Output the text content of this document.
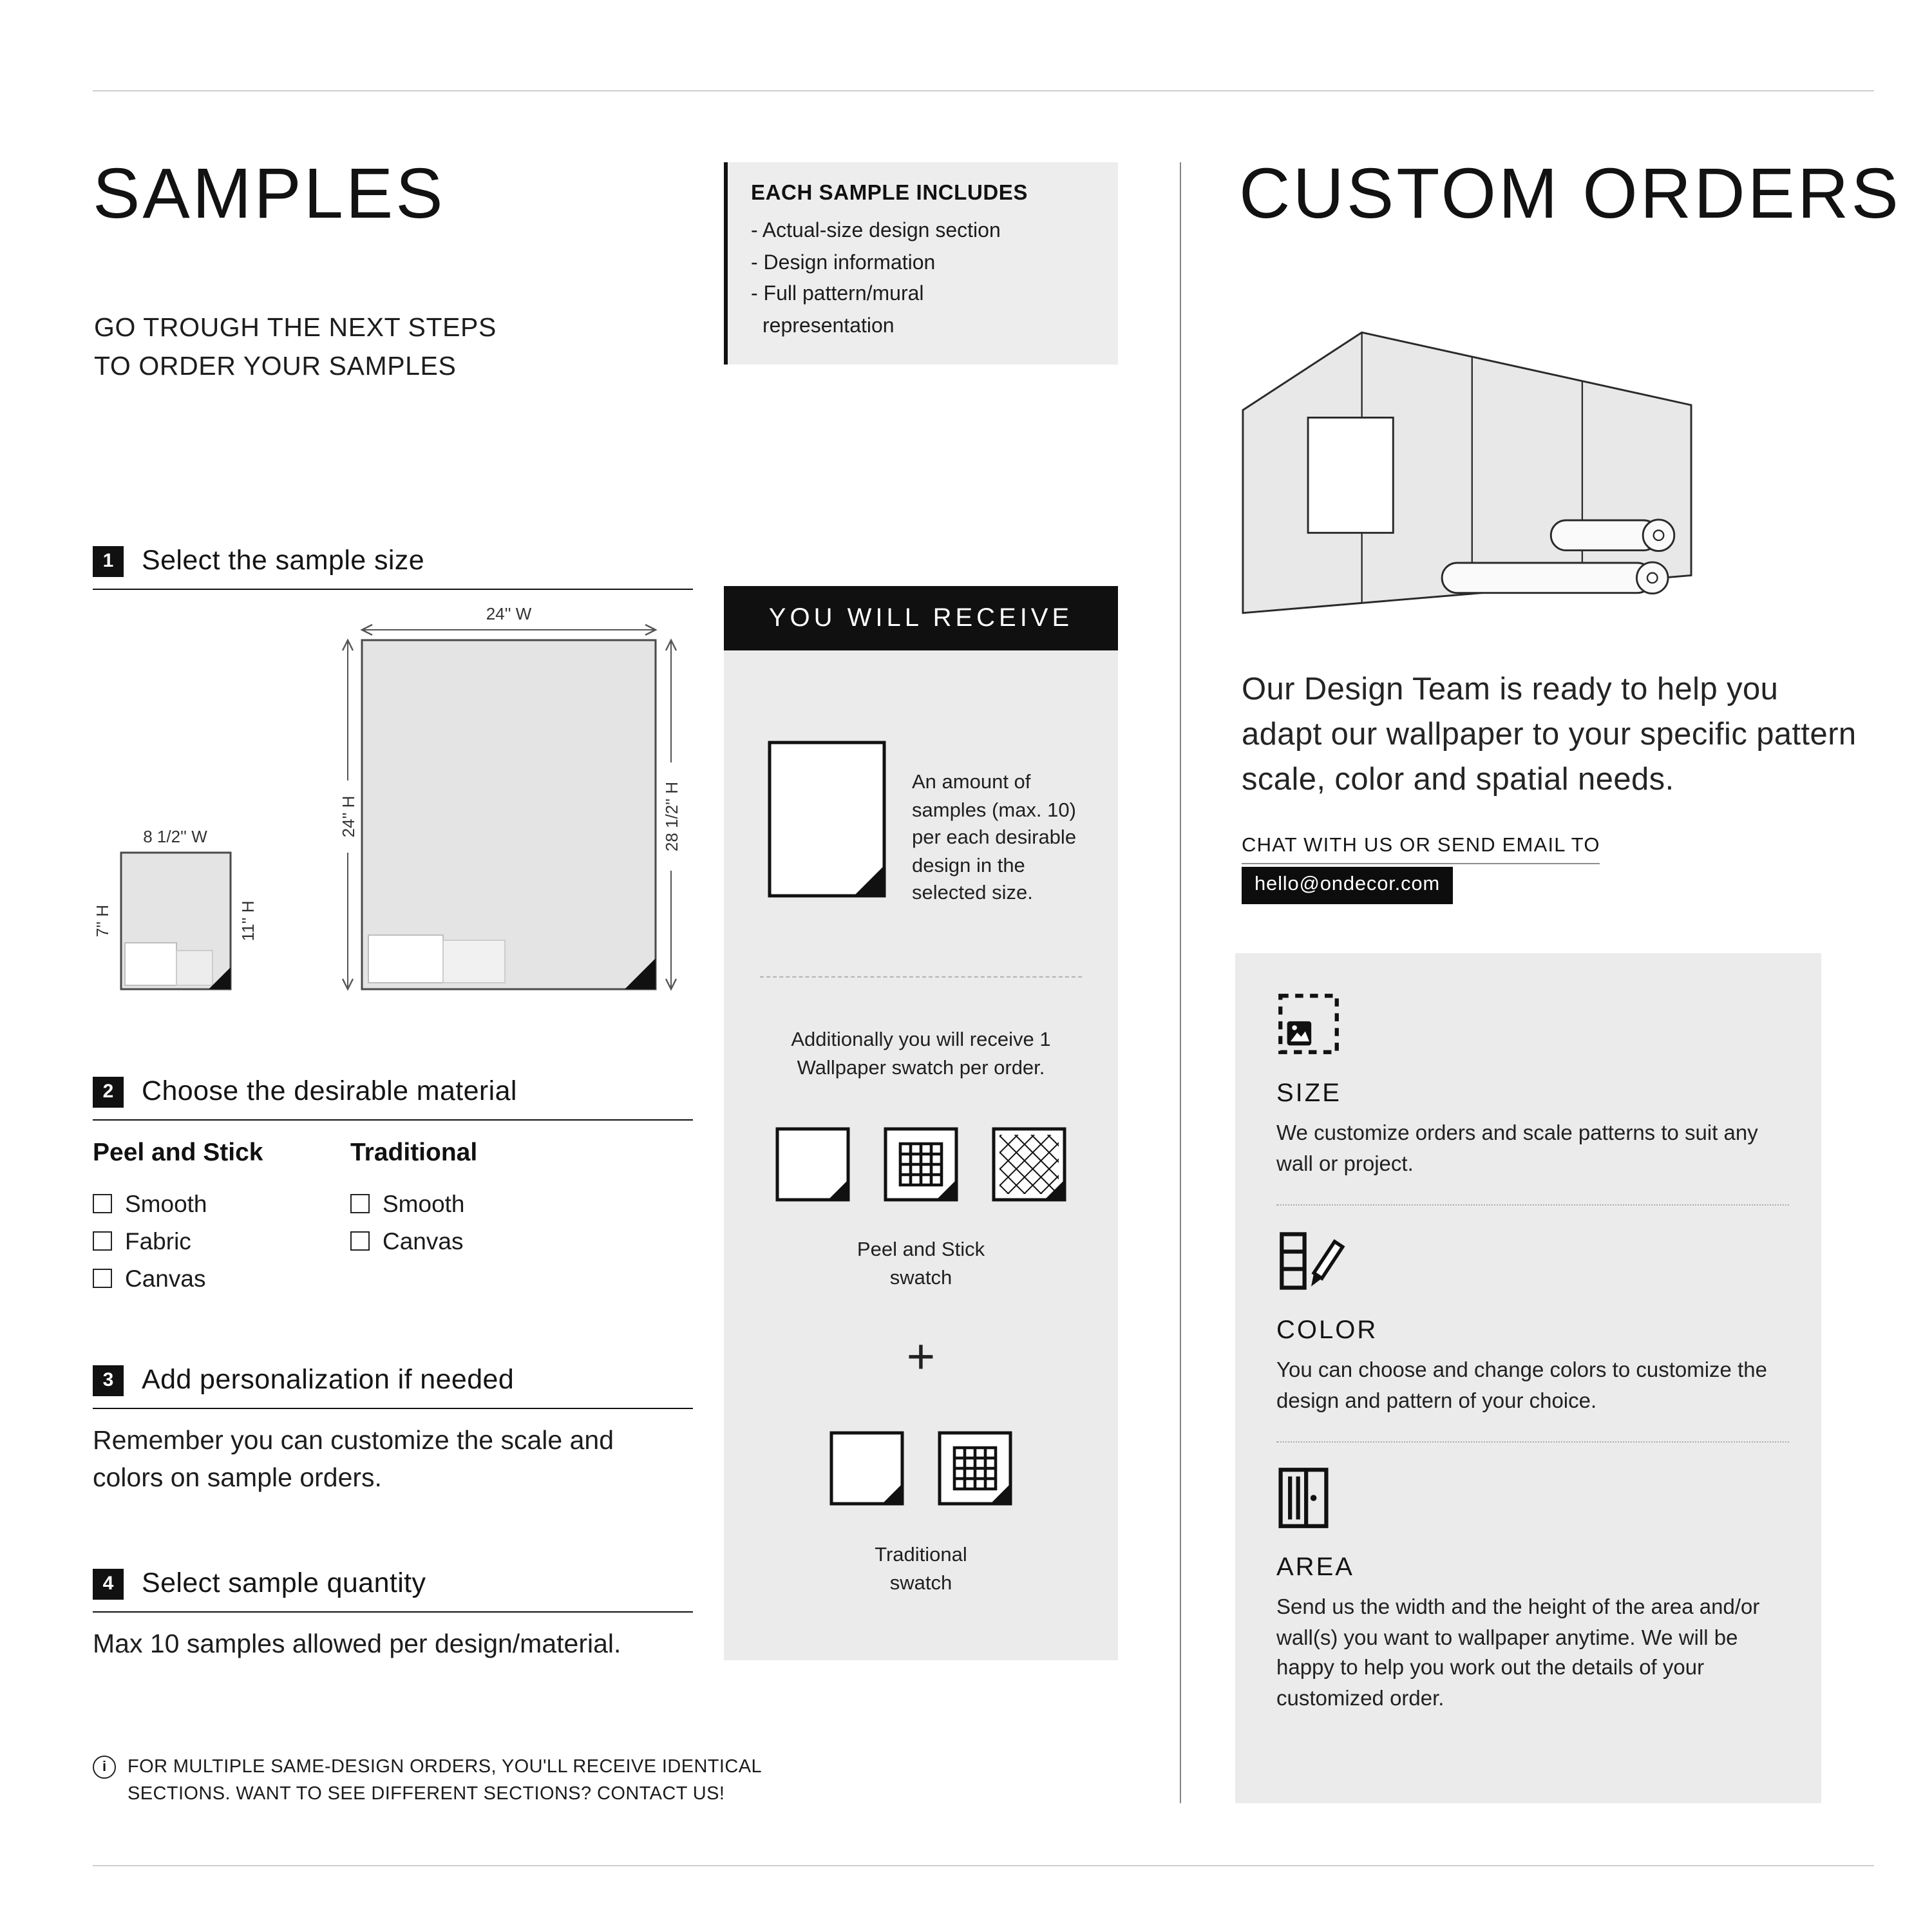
SAMPLES
GO TROUGH THE NEXT STEPS
TO ORDER YOUR SAMPLES
EACH SAMPLE INCLUDES
- Actual-size design section
- Design information
- Full pattern/mural representation
1	Select the sample size
24'' W
24'' H	28 1/2'' H
8 1/2'' W
7'' H	11'' H
2	Choose the desirable material
Peel and Stick
Smooth
Fabric
Canvas
Traditional
Smooth
Canvas
3	Add personalization if needed
Remember you can customize the scale and colors on sample orders.
4	Select sample quantity
Max 10 samples allowed per design/material.
i	FOR MULTIPLE SAME-DESIGN ORDERS, YOU'LL RECEIVE IDENTICAL SECTIONS. WANT TO SEE DIFFERENT SECTIONS? CONTACT US!
YOU WILL RECEIVE
An amount of samples (max. 10) per each desirable design in the selected size.
Additionally you will receive 1 Wallpaper swatch per order.
Peel and Stick swatch
+
Traditional swatch
CUSTOM ORDERS
Our Design Team is ready to help you adapt our wallpaper to your specific pattern scale, color and spatial needs.
CHAT WITH US OR SEND EMAIL TO
hello@ondecor.com
SIZE
We customize orders and scale patterns to suit any wall or project.
COLOR
You can choose and change colors to customize the design and pattern of your choice.
AREA
Send us the width and the height of the area and/or wall(s) you want to wallpaper anytime. We will be happy to help you work out the details of your customized order.
